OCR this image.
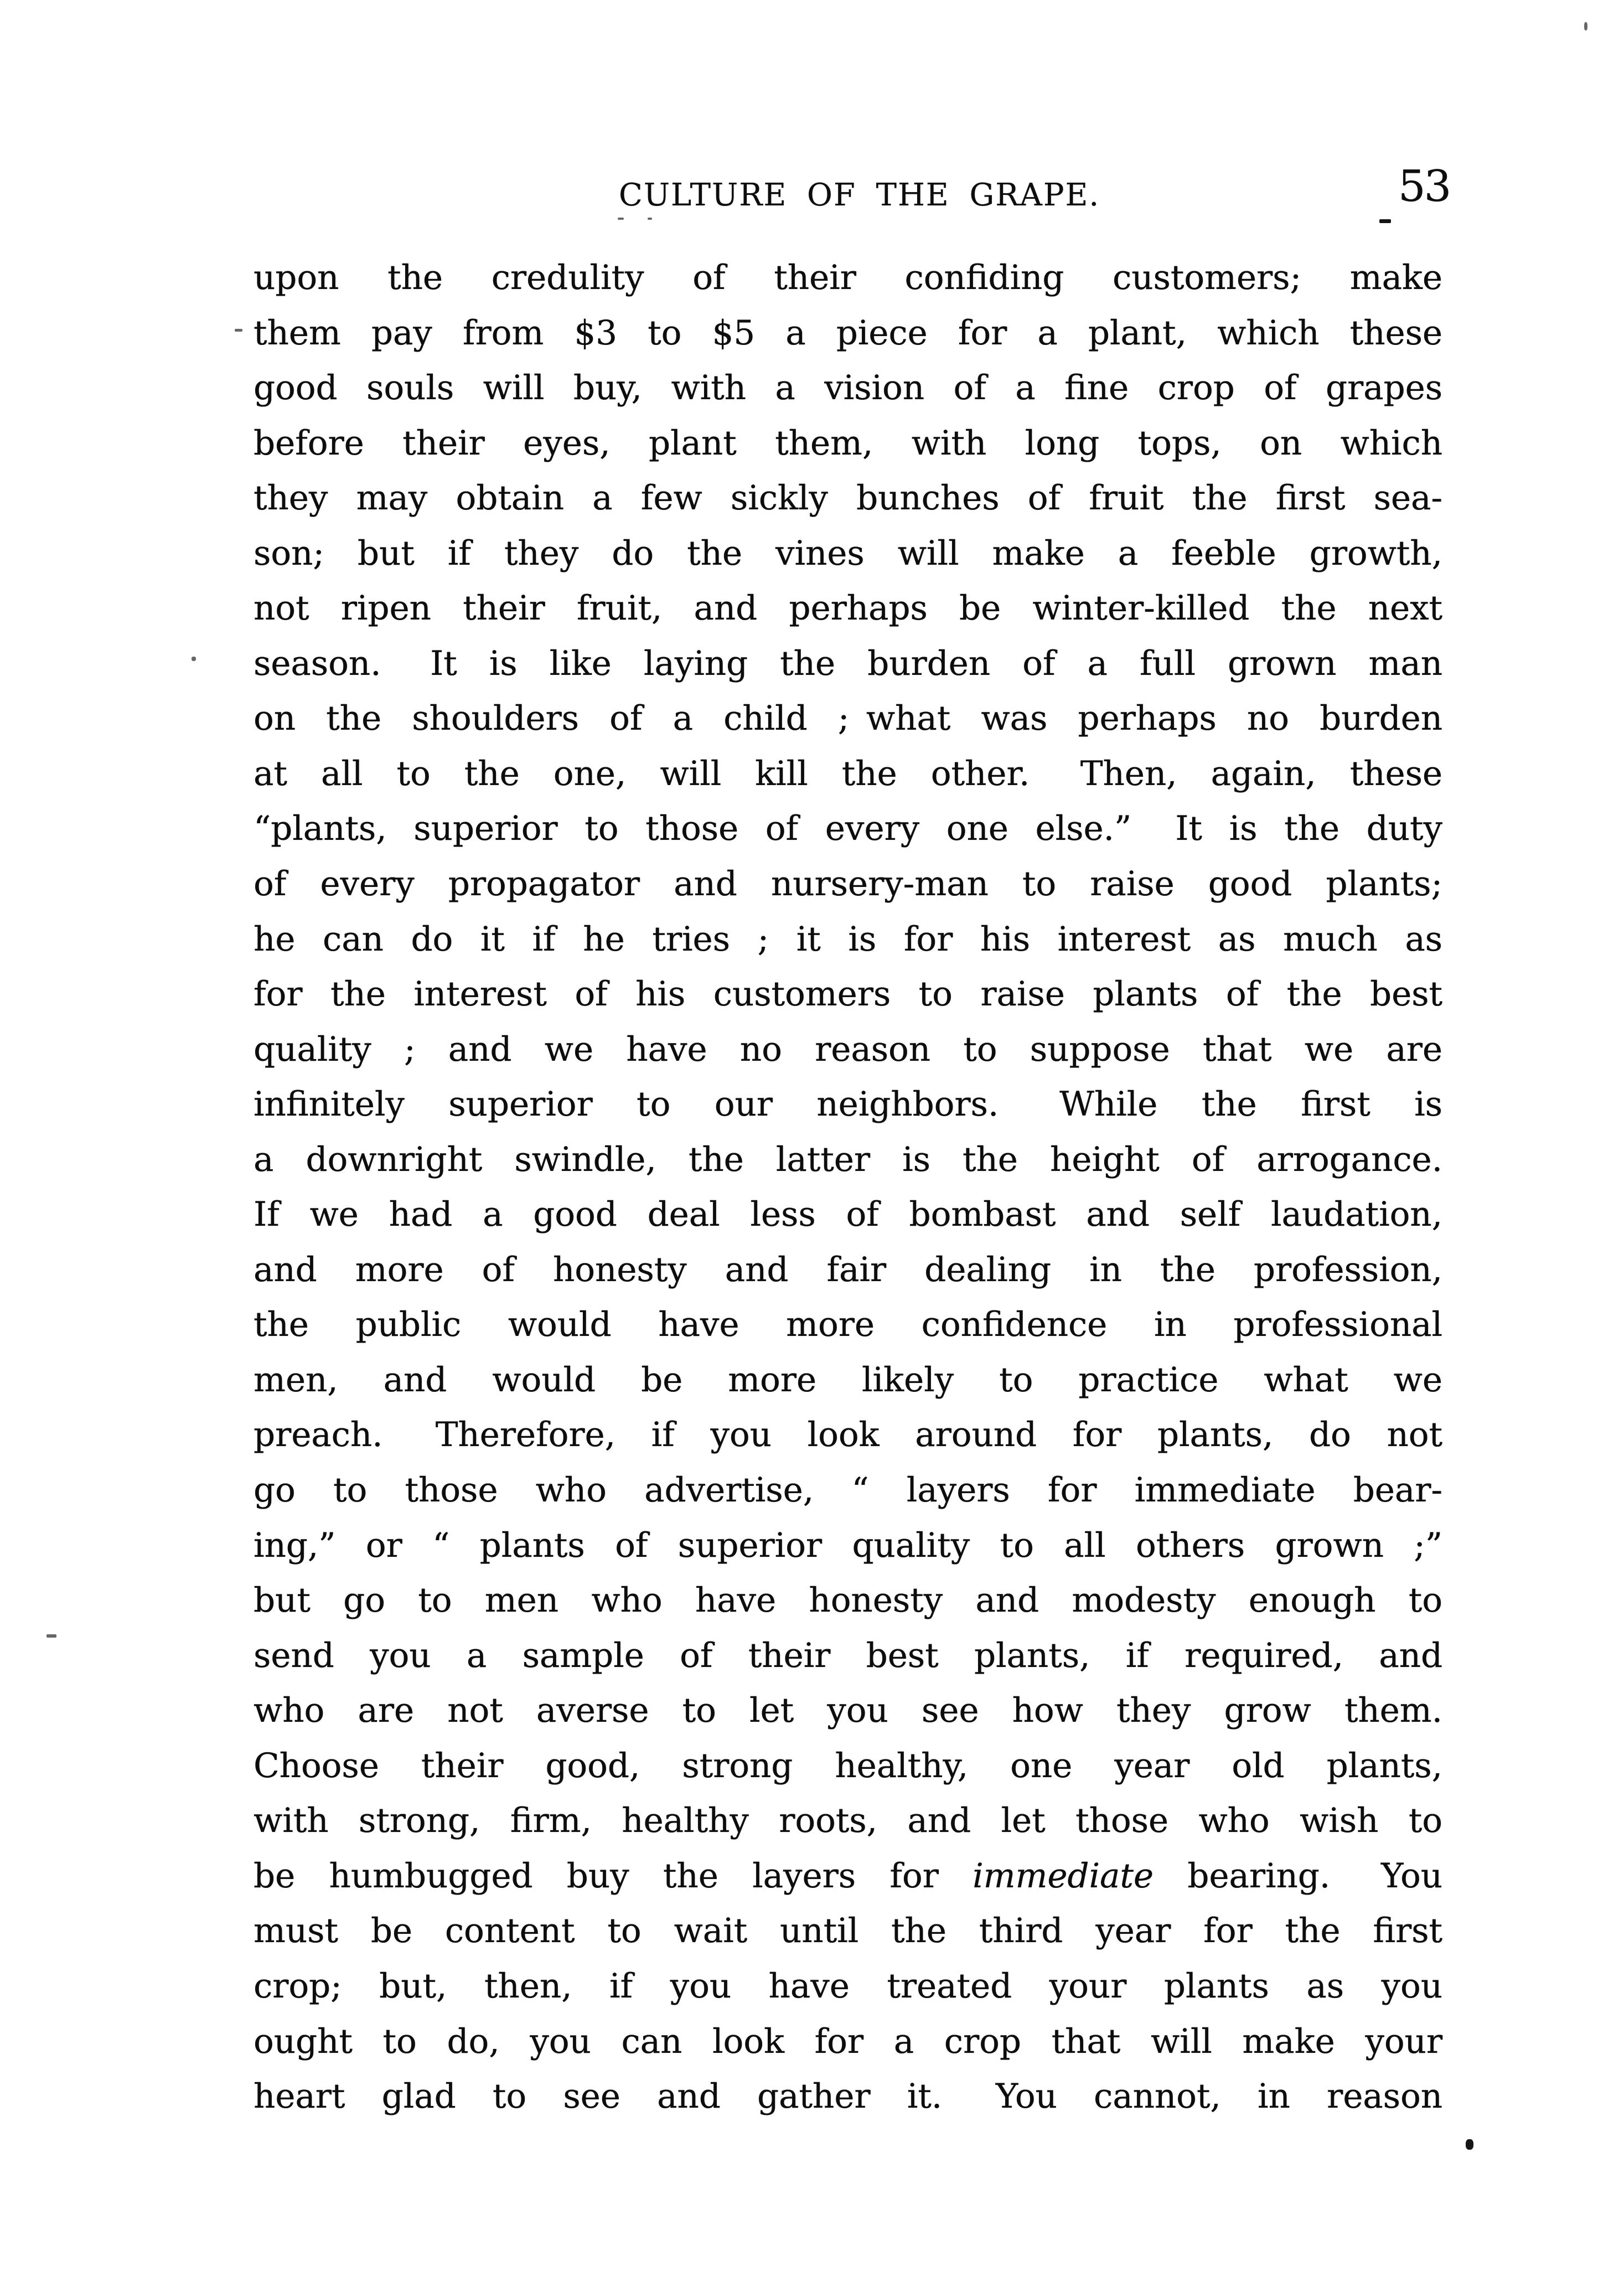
CULTURE OF THE GRAPE.	53
upon the credulity of their confiding customers; make
them pay from $3 to $5 a piece for a plant, which these
good souls will buy, with a vision of a fine crop of grapes
before their eyes, plant them, with long tops, on which
they may obtain a few sickly bunches of fruit the first sea-
son; but if they do the vines will make a feeble growth,
not ripen their fruit, and perhaps be winter-killed the next
season.  It is like laying the burden of a full grown man
on the shoulders of a child ; what was perhaps no burden
at all to the one, will kill the other.  Then, again, these
“plants, superior to those of every one else.”  It is the duty
of every propagator and nursery-man to raise good plants;
he can do it if he tries ; it is for his interest as much as
for the interest of his customers to raise plants of the best
quality ; and we have no reason to suppose that we are
infinitely superior to our neighbors.  While the first is
a downright swindle, the latter is the height of arrogance.
If we had a good deal less of bombast and self laudation,
and more of honesty and fair dealing in the profession,
the public would have more confidence in professional
men, and would be more likely to practice what we
preach.  Therefore, if you look around for plants, do not
go to those who advertise, “ layers for immediate bear-
ing,” or “ plants of superior quality to all others grown ;”
but go to men who have honesty and modesty enough to
send you a sample of their best plants, if required, and
who are not averse to let you see how they grow them.
Choose their good, strong healthy, one year old plants,
with strong, firm, healthy roots, and let those who wish to
be humbugged buy the layers for immediate bearing.  You
must be content to wait until the third year for the first
crop; but, then, if you have treated your plants as you
ought to do, you can look for a crop that will make your
heart glad to see and gather it.  You cannot, in reason
